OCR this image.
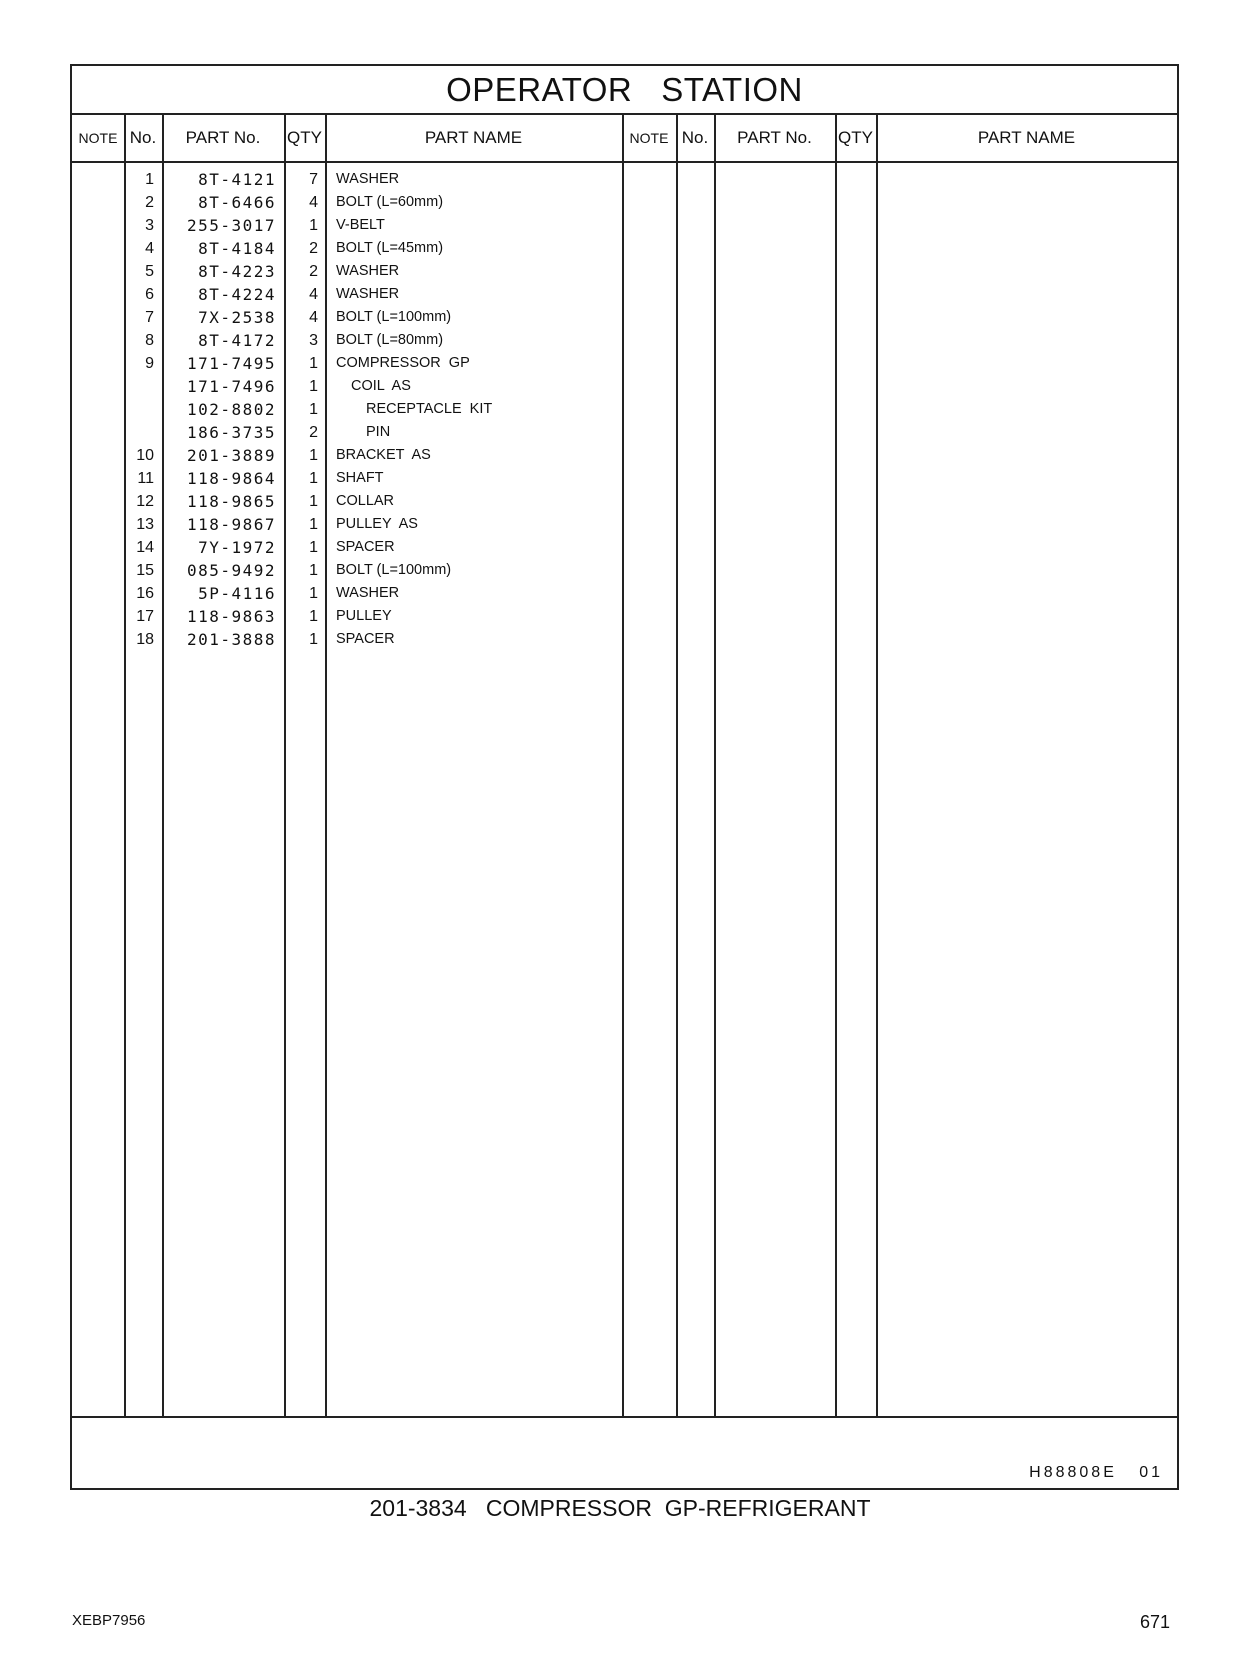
OPERATOR   STATION
NOTE No.	PART No.	QTY	PART NAME	NOTE No.	PART No.	QTY	PART NAME
1	8T-4121	7 WASHER
2	8T-6466	4 BOLT (L=60mm)
3	255-3017	1 V-BELT
4	8T-4184	2 BOLT (L=45mm)
5	8T-4223	2 WASHER
6	8T-4224	4 WASHER
7	7X-2538	4 BOLT (L=100mm)
8	8T-4172	3 BOLT (L=80mm)
9	171-7495	1 COMPRESSOR  GP
171-7496	1 COIL  AS
102-8802	1	RECEPTACLE  KIT
186-3735	2	PIN
10	201-3889	1 BRACKET  AS
11	118-9864	1 SHAFT
12	118-9865	1 COLLAR
13	118-9867	1 PULLEY  AS
14	7Y-1972	1 SPACER
15	085-9492	1 BOLT (L=100mm)
16	5P-4116	1 WASHER
17	118-9863	1 PULLEY
18	201-3888	1 SPACER
H88808E   01
201-3834   COMPRESSOR  GP-REFRIGERANT
XEBP7956	671
